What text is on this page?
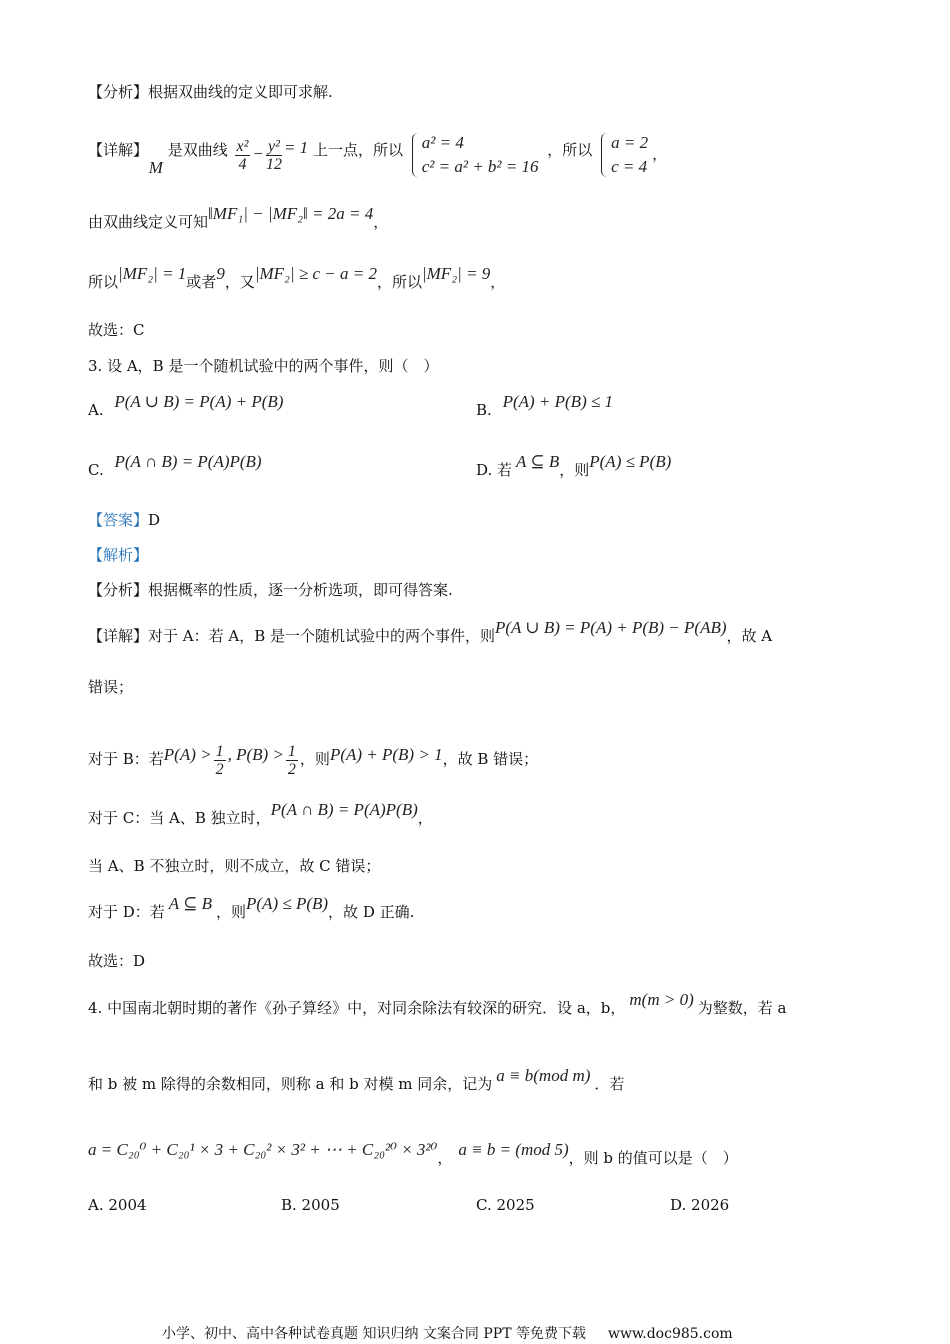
【分析】根据双曲线的定义即可求解.
【详解】 M 是双曲线 $\frac{\text{x²}}{4} - \frac{\text{y²}}{12} = 1$ 上一点，所以 a² = 4
c² = a² + b² = 16
，所以 a = 2
c = 4
，
由双曲线定义可知‖MF₁| − |MF₂‖ = 2a = 4，
所以|MF₂| = 1或者9，又|MF₂| ≥ c − a = 2，所以|MF₂| = 9，
故选：C
3. 设 A，B 是一个随机试验中的两个事件，则（　）
A. P(A ∪ B) = P(A) + P(B)	B. P(A) + P(B) ≤ 1
C. P(A ∩ B) = P(A)P(B)	D. 若 A ⊆ B，则P(A) ≤ P(B)
【答案】D
【解析】
【分析】根据概率的性质，逐一分析选项，即可得答案.
【详解】对于 A：若 A，B 是一个随机试验中的两个事件，则P(A ∪ B) = P(A) + P(B) − P(AB)，故 A
错误；
对于 B：若$P(A) > \frac{1}{2}$ , $P(B) > \frac{1}{2}$ ，则P(A) + P(B) > 1，故 B 错误；
对于 C：当 A、B 独立时，P(A ∩ B) = P(A)P(B)，
当 A、B 不独立时，则不成立，故 C 错误；
对于 D：若 A ⊆ B ，则P(A) ≤ P(B)，故 D 正确.
故选：D
4. 中国南北朝时期的著作《孙子算经》中，对同余除法有较深的研究．设 a，b， m(m > 0) 为整数，若 a
和 b 被 m 除得的余数相同，则称 a 和 b 对模 m 同余，记为 a ≡ b(mod m) ．若
a = C₂₀⁰ + C₂₀¹ × 3 + C₂₀² × 3² + ⋯ + C₂₀²⁰ × 3²⁰， a ≡ b = (mod 5)，则 b 的值可以是（　）
A. 2004	B. 2005	C. 2025	D. 2026
小学、初中、高中各种试卷真题 知识归纳 文案合同 PPT 等免费下载 www.doc985.com
